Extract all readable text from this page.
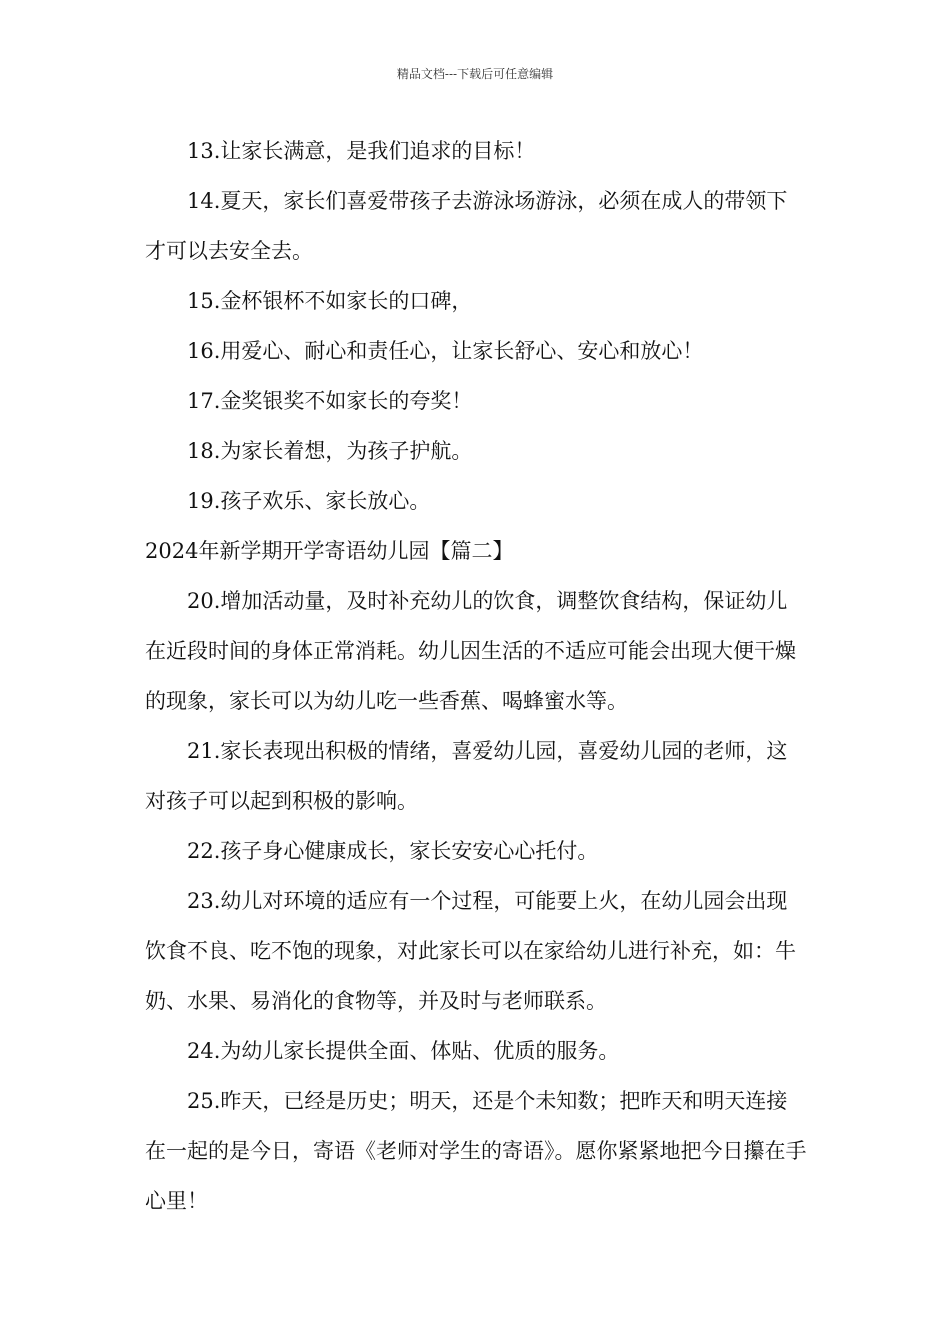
精品文档---下载后可任意编辑

13.让家长满意，是我们追求的目标！

14.夏天，家长们喜爱带孩子去游泳场游泳，必须在成人的带领下才可以去安全去。

15.金杯银杯不如家长的口碑，

16.用爱心、耐心和责任心，让家长舒心、安心和放心！

17.金奖银奖不如家长的夸奖！

18.为家长着想，为孩子护航。

19.孩子欢乐、家长放心。

2024年新学期开学寄语幼儿园【篇二】

20.增加活动量，及时补充幼儿的饮食，调整饮食结构，保证幼儿在近段时间的身体正常消耗。幼儿因生活的不适应可能会出现大便干燥的现象，家长可以为幼儿吃一些香蕉、喝蜂蜜水等。

21.家长表现出积极的情绪，喜爱幼儿园，喜爱幼儿园的老师，这对孩子可以起到积极的影响。

22.孩子身心健康成长，家长安安心心托付。

23.幼儿对环境的适应有一个过程，可能要上火，在幼儿园会出现饮食不良、吃不饱的现象，对此家长可以在家给幼儿进行补充，如：牛奶、水果、易消化的食物等，并及时与老师联系。

24.为幼儿家长提供全面、体贴、优质的服务。

25.昨天，已经是历史；明天，还是个未知数；把昨天和明天连接在一起的是今日，寄语《老师对学生的寄语》。愿你紧紧地把今日攥在手心里！
